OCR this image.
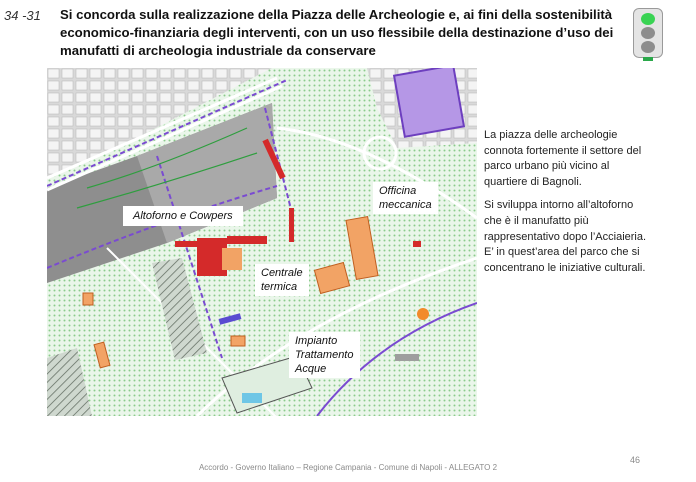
34 -31 Si concorda sulla realizzazione della Piazza delle Archeologie e, ai fini della sostenibilità
economico-finanziaria degli interventi, con un uso flessibile della destinazione d’uso dei
manufatti di archeologia industriale da conservare
Altoforno e Cowpers
Officina
meccanica
Centrale
termica
Impianto
Trattamento
Acque

La piazza delle archeologie
connota fortemente il settore del
parco urbano più vicino al
quartiere di Bagnoli.

Si sviluppa intorno all’altoforno
che è il manufatto più
rappresentativo dopo l’Acciaieria.
E’ in quest’area del parco che si
concentrano le iniziative culturali.

46
Accordo - Governo Italiano – Regione Campania - Comune di Napoli - ALLEGATO 2
